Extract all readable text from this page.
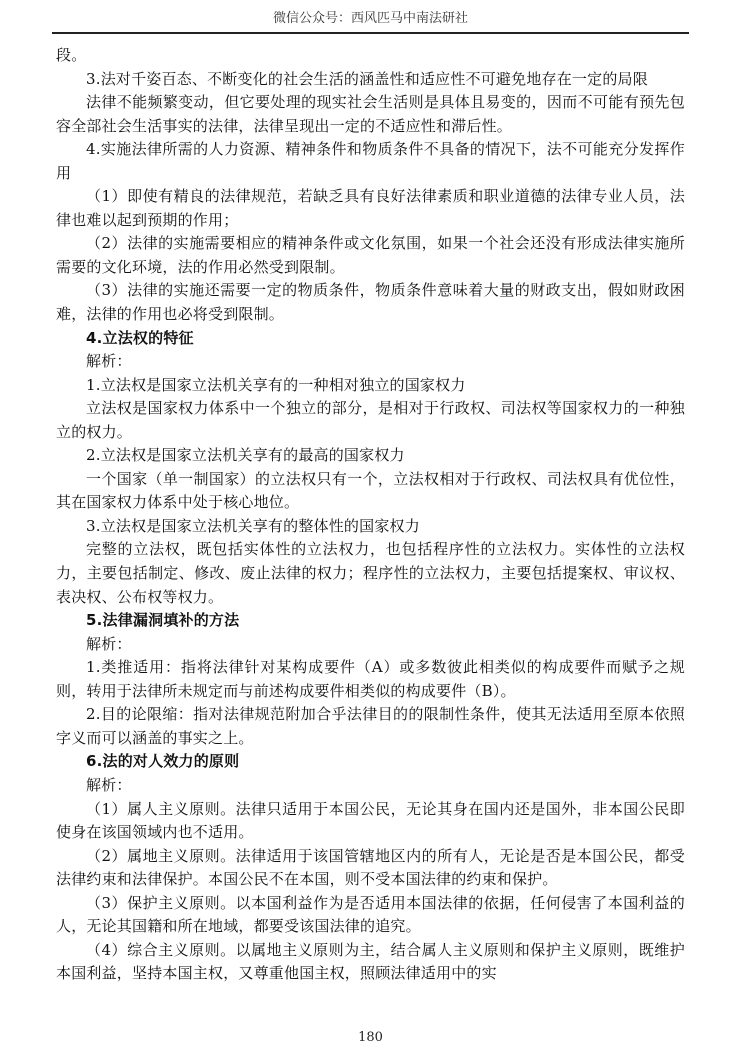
微信公众号：西风匹马中南法研社

段。

3.法对千姿百态、不断变化的社会生活的涵盖性和适应性不可避免地存在一定的局限

法律不能频繁变动，但它要处理的现实社会生活则是具体且易变的，因而不可能有预先包容全部社会生活事实的法律，法律呈现出一定的不适应性和滞后性。

4.实施法律所需的人力资源、精神条件和物质条件不具备的情况下，法不可能充分发挥作用

（1）即使有精良的法律规范，若缺乏具有良好法律素质和职业道德的法律专业人员，法律也难以起到预期的作用；

（2）法律的实施需要相应的精神条件或文化氛围，如果一个社会还没有形成法律实施所需要的文化环境，法的作用必然受到限制。

（3）法律的实施还需要一定的物质条件，物质条件意味着大量的财政支出，假如财政困难，法律的作用也必将受到限制。

4.立法权的特征

解析：

1.立法权是国家立法机关享有的一种相对独立的国家权力

立法权是国家权力体系中一个独立的部分，是相对于行政权、司法权等国家权力的一种独立的权力。

2.立法权是国家立法机关享有的最高的国家权力

一个国家（单一制国家）的立法权只有一个，立法权相对于行政权、司法权具有优位性，其在国家权力体系中处于核心地位。

3.立法权是国家立法机关享有的整体性的国家权力

完整的立法权，既包括实体性的立法权力，也包括程序性的立法权力。实体性的立法权力，主要包括制定、修改、废止法律的权力；程序性的立法权力，主要包括提案权、审议权、表决权、公布权等权力。

5.法律漏洞填补的方法

解析：

1.类推适用：指将法律针对某构成要件（A）或多数彼此相类似的构成要件而赋予之规则，转用于法律所未规定而与前述构成要件相类似的构成要件（B）。

2.目的论限缩：指对法律规范附加合乎法律目的的限制性条件，使其无法适用至原本依照字义而可以涵盖的事实之上。

6.法的对人效力的原则

解析：

（1）属人主义原则。法律只适用于本国公民，无论其身在国内还是国外，非本国公民即使身在该国领域内也不适用。

（2）属地主义原则。法律适用于该国管辖地区内的所有人，无论是否是本国公民，都受法律约束和法律保护。本国公民不在本国，则不受本国法律的约束和保护。

（3）保护主义原则。以本国利益作为是否适用本国法律的依据，任何侵害了本国利益的人，无论其国籍和所在地域，都要受该国法律的追究。

（4）综合主义原则。以属地主义原则为主，结合属人主义原则和保护主义原则，既维护本国利益，坚持本国主权，又尊重他国主权，照顾法律适用中的实

180
